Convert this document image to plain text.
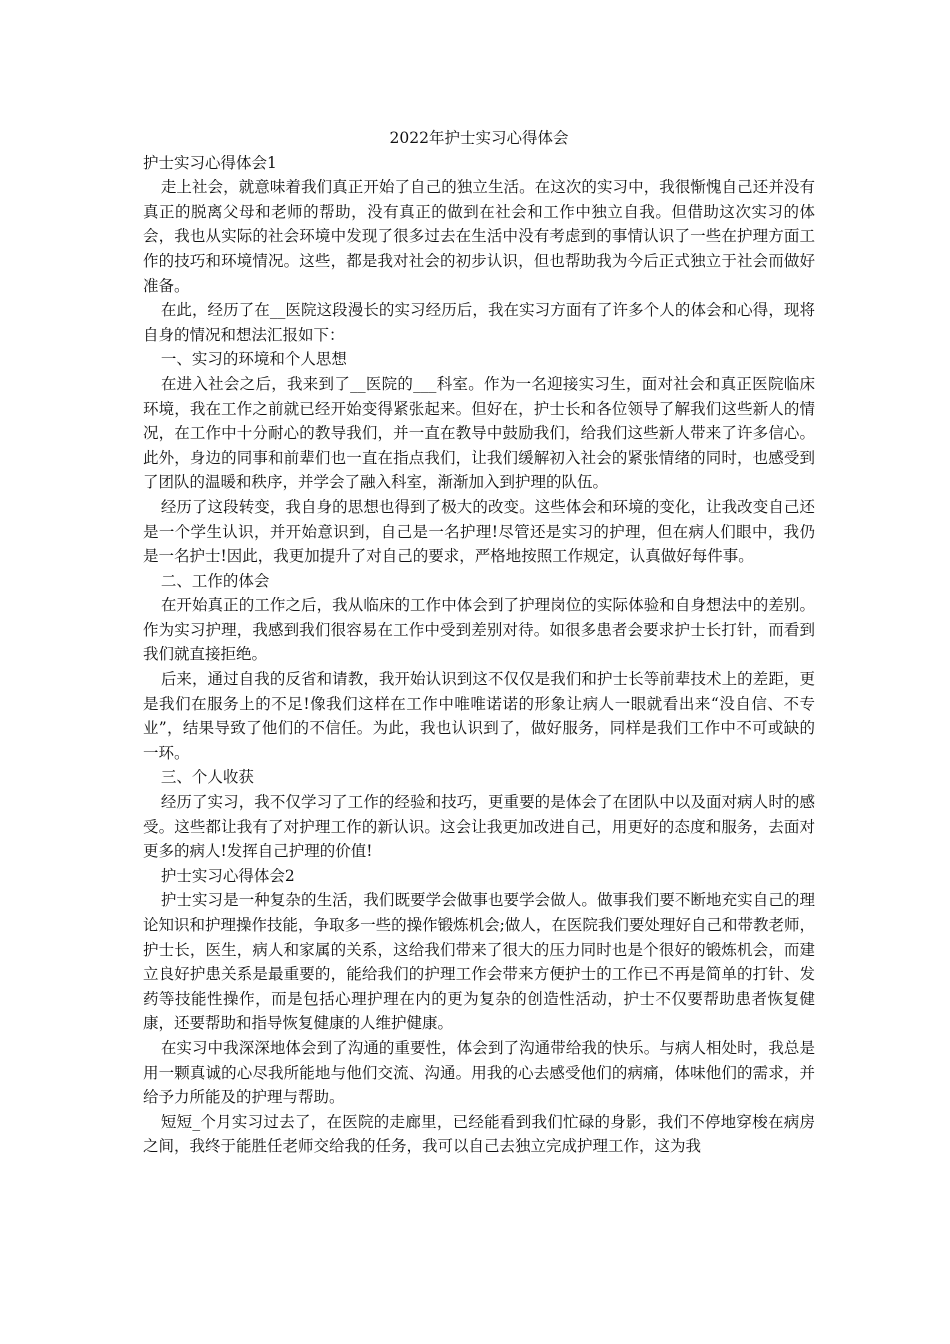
2022年护士实习心得体会

护士实习心得体会1

走上社会，就意味着我们真正开始了自己的独立生活。在这次的实习中，我很惭愧自己还并没有真正的脱离父母和老师的帮助，没有真正的做到在社会和工作中独立自我。但借助这次实习的体会，我也从实际的社会环境中发现了很多过去在生活中没有考虑到的事情认识了一些在护理方面工作的技巧和环境情况。这些，都是我对社会的初步认识，但也帮助我为今后正式独立于社会而做好准备。

在此，经历了在__医院这段漫长的实习经历后，我在实习方面有了许多个人的体会和心得，现将自身的情况和想法汇报如下：

一、实习的环境和个人思想

在进入社会之后，我来到了__医院的___科室。作为一名迎接实习生，面对社会和真正医院临床环境，我在工作之前就已经开始变得紧张起来。但好在，护士长和各位领导了解我们这些新人的情况，在工作中十分耐心的教导我们，并一直在教导中鼓励我们，给我们这些新人带来了许多信心。此外，身边的同事和前辈们也一直在指点我们，让我们缓解初入社会的紧张情绪的同时，也感受到了团队的温暖和秩序，并学会了融入科室，渐渐加入到护理的队伍。

经历了这段转变，我自身的思想也得到了极大的改变。这些体会和环境的变化，让我改变自己还是一个学生认识，并开始意识到，自己是一名护理!尽管还是实习的护理，但在病人们眼中，我仍是一名护士!因此，我更加提升了对自己的要求，严格地按照工作规定，认真做好每件事。

二、工作的体会

在开始真正的工作之后，我从临床的工作中体会到了护理岗位的实际体验和自身想法中的差别。作为实习护理，我感到我们很容易在工作中受到差别对待。如很多患者会要求护士长打针，而看到我们就直接拒绝。

后来，通过自我的反省和请教，我开始认识到这不仅仅是我们和护士长等前辈技术上的差距，更是我们在服务上的不足!像我们这样在工作中唯唯诺诺的形象让病人一眼就看出来“没自信、不专业”，结果导致了他们的不信任。为此，我也认识到了，做好服务，同样是我们工作中不可或缺的一环。

三、个人收获

经历了实习，我不仅学习了工作的经验和技巧，更重要的是体会了在团队中以及面对病人时的感受。这些都让我有了对护理工作的新认识。这会让我更加改进自己，用更好的态度和服务，去面对更多的病人!发挥自己护理的价值!

护士实习心得体会2

护士实习是一种复杂的生活，我们既要学会做事也要学会做人。做事我们要不断地充实自己的理论知识和护理操作技能，争取多一些的操作锻炼机会;做人，在医院我们要处理好自己和带教老师，护士长，医生，病人和家属的关系，这给我们带来了很大的压力同时也是个很好的锻炼机会，而建立良好护患关系是最重要的，能给我们的护理工作会带来方便护士的工作已不再是简单的打针、发药等技能性操作，而是包括心理护理在内的更为复杂的创造性活动，护士不仅要帮助患者恢复健康，还要帮助和指导恢复健康的人维护健康。

在实习中我深深地体会到了沟通的重要性，体会到了沟通带给我的快乐。与病人相处时，我总是用一颗真诚的心尽我所能地与他们交流、沟通。用我的心去感受他们的病痛，体味他们的需求，并给予力所能及的护理与帮助。

短短_个月实习过去了，在医院的走廊里，已经能看到我们忙碌的身影，我们不停地穿梭在病房之间，我终于能胜任老师交给我的任务，我可以自己去独立完成护理工作，这为我
